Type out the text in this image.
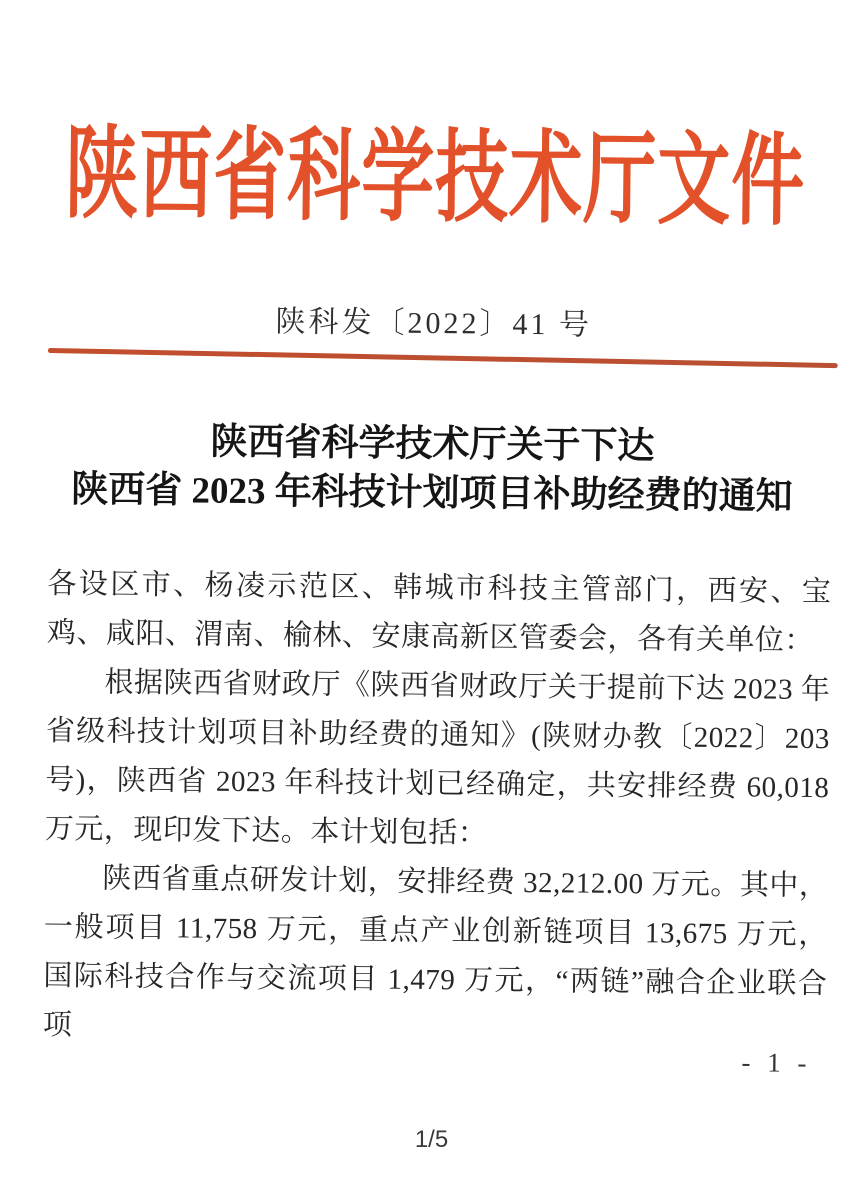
陕西省科学技术厅文件
陕科发〔2022〕41 号
陕西省科学技术厅关于下达
陕西省 2023 年科技计划项目补助经费的通知

各设区市、杨凌示范区、韩城市科技主管部门，西安、宝鸡、咸阳、渭南、榆林、安康高新区管委会，各有关单位：

根据陕西省财政厅《陕西省财政厅关于提前下达 2023 年省级科技计划项目补助经费的通知》(陕财办教〔2022〕203 号)，陕西省 2023 年科技计划已经确定，共安排经费 60,018 万元，现印发下达。本计划包括：

陕西省重点研发计划，安排经费 32,212.00 万元。其中，一般项目 11,758 万元，重点产业创新链项目 13,675 万元，国际科技合作与交流项目 1,479 万元，“两链”融合企业联合项

- 1 -
1/5
